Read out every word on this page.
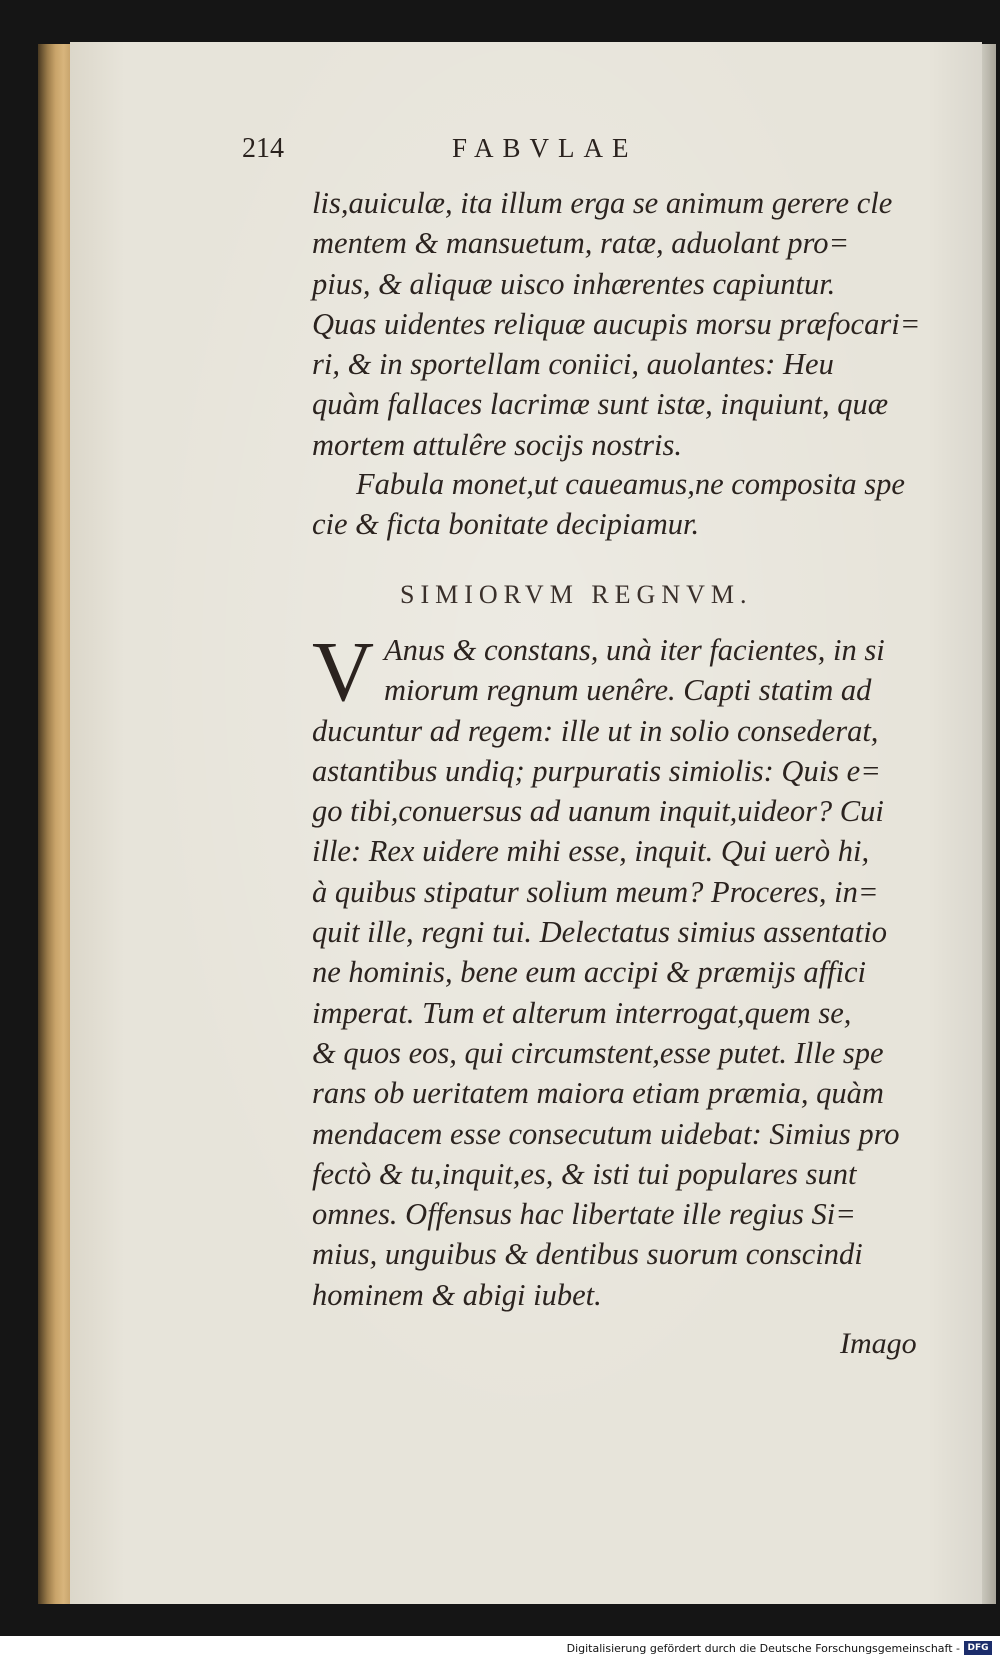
214	FABVLAE
lis,auiculæ, ita illum erga se animum gerere cle
mentem & mansuetum, ratæ, aduolant pro=
pius, & aliquæ uisco inhærentes capiuntur.
Quas uidentes reliquæ aucupis morsu præfocari=
ri, & in sportellam coniici, auolantes: Heu
quàm fallaces lacrimæ sunt istæ, inquiunt, quæ
mortem attulêre socijs nostris.
Fabula monet,ut caueamus,ne composita spe
cie & ficta bonitate decipiamur.
SIMIORVM REGNVM.
V Anus & constans, unà iter facientes, in si
miorum regnum uenêre. Capti statim ad
ducuntur ad regem: ille ut in solio consederat,
astantibus undiq; purpuratis simiolis: Quis e=
go tibi,conuersus ad uanum inquit,uideor? Cui
ille: Rex uidere mihi esse, inquit. Qui uerò hi,
à quibus stipatur solium meum? Proceres, in=
quit ille, regni tui. Delectatus simius assentatio
ne hominis, bene eum accipi & præmijs affici
imperat. Tum et alterum interrogat,quem se,
& quos eos, qui circumstent,esse putet. Ille spe
rans ob ueritatem maiora etiam præmia, quàm
mendacem esse consecutum uidebat: Simius pro
fectò & tu,inquit,es, & isti tui populares sunt
omnes. Offensus hac libertate ille regius Si=
mius, unguibus & dentibus suorum conscindi
hominem & abigi iubet.
Imago
Digitalisierung gefördert durch die Deutsche Forschungsgemeinschaft - DFG
